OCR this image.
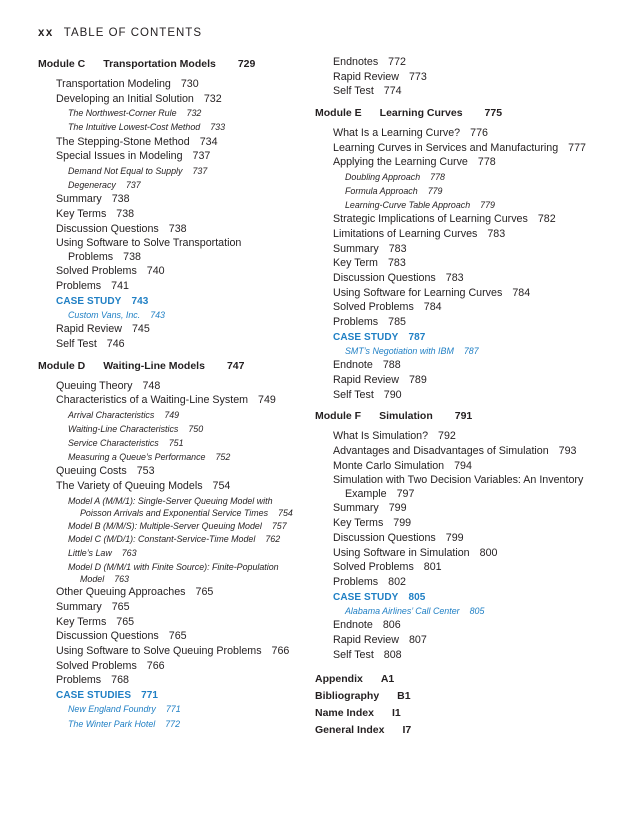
xx TABLE OF CONTENTS
Module C Transportation Models 729
Transportation Modeling 730
Developing an Initial Solution 732
The Northwest-Corner Rule 732
The Intuitive Lowest-Cost Method 733
The Stepping-Stone Method 734
Special Issues in Modeling 737
Demand Not Equal to Supply 737
Degeneracy 737
Summary 738
Key Terms 738
Discussion Questions 738
Using Software to Solve Transportation Problems 738
Solved Problems 740
Problems 741
CASE STUDY 743
Custom Vans, Inc. 743
Rapid Review 745
Self Test 746
Module D Waiting-Line Models 747
Queuing Theory 748
Characteristics of a Waiting-Line System 749
Arrival Characteristics 749
Waiting-Line Characteristics 750
Service Characteristics 751
Measuring a Queue’s Performance 752
Queuing Costs 753
The Variety of Queuing Models 754
Model A (M/M/1): Single-Server Queuing Model with Poisson Arrivals and Exponential Service Times 754
Model B (M/M/S): Multiple-Server Queuing Model 757
Model C (M/D/1): Constant-Service-Time Model 762
Little’s Law 763
Model D (M/M/1 with Finite Source): Finite-Population Model 763
Other Queuing Approaches 765
Summary 765
Key Terms 765
Discussion Questions 765
Using Software to Solve Queuing Problems 766
Solved Problems 766
Problems 768
CASE STUDIES 771
New England Foundry 771
The Winter Park Hotel 772
Endnotes 772
Rapid Review 773
Self Test 774
Module E Learning Curves 775
What Is a Learning Curve? 776
Learning Curves in Services and Manufacturing 777
Applying the Learning Curve 778
Doubling Approach 778
Formula Approach 779
Learning-Curve Table Approach 779
Strategic Implications of Learning Curves 782
Limitations of Learning Curves 783
Summary 783
Key Term 783
Discussion Questions 783
Using Software for Learning Curves 784
Solved Problems 784
Problems 785
CASE STUDY 787
SMT’s Negotiation with IBM 787
Endnote 788
Rapid Review 789
Self Test 790
Module F Simulation 791
What Is Simulation? 792
Advantages and Disadvantages of Simulation 793
Monte Carlo Simulation 794
Simulation with Two Decision Variables: An Inventory Example 797
Summary 799
Key Terms 799
Discussion Questions 799
Using Software in Simulation 800
Solved Problems 801
Problems 802
CASE STUDY 805
Alabama Airlines’ Call Center 805
Endnote 806
Rapid Review 807
Self Test 808
Appendix A1
Bibliography B1
Name Index I1
General Index I7
